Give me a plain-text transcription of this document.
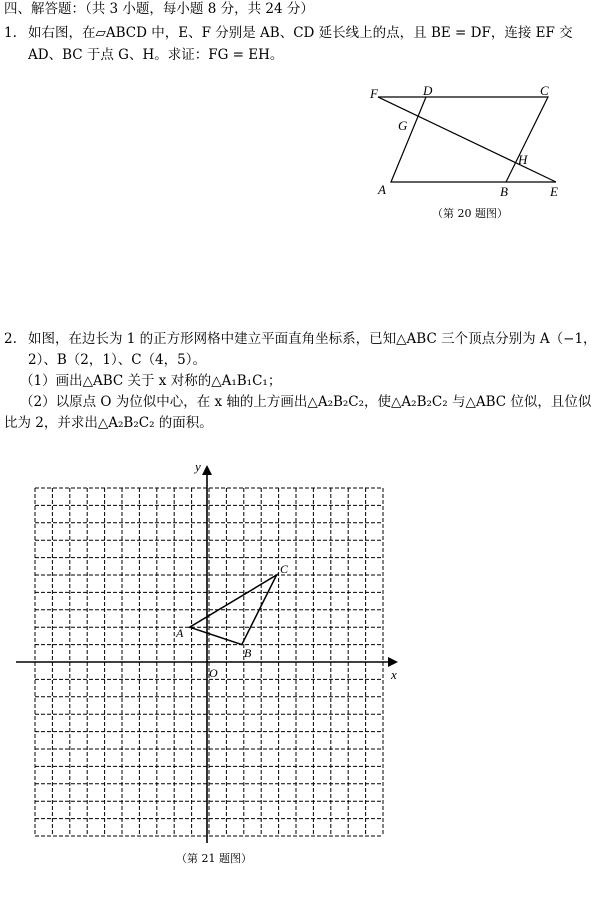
四、解答题：（共 3 小题，每小题 8 分，共 24 分）
1. 如右图，在▱ABCD 中，E、F 分别是 AB、CD 延长线上的点，且 BE = DF，连接 EF 交
AD、BC 于点 G、H。求证：FG = EH。
F	D	C
G
H
A	B	E
（第 20 题图）
2. 如图，在边长为 1 的正方形网格中建立平面直角坐标系，已知△ABC 三个顶点分别为 A（−1，
2）、B（2，1）、C（4，5）。
（1）画出△ABC 关于 x 对称的△A₁B₁C₁；
（2）以原点 O 为位似中心，在 x 轴的上方画出△A₂B₂C₂，使△A₂B₂C₂ 与△ABC 位似，且位似
比为 2，并求出△A₂B₂C₂ 的面积。
x
y
O
A
B
C
（第 21 题图）
